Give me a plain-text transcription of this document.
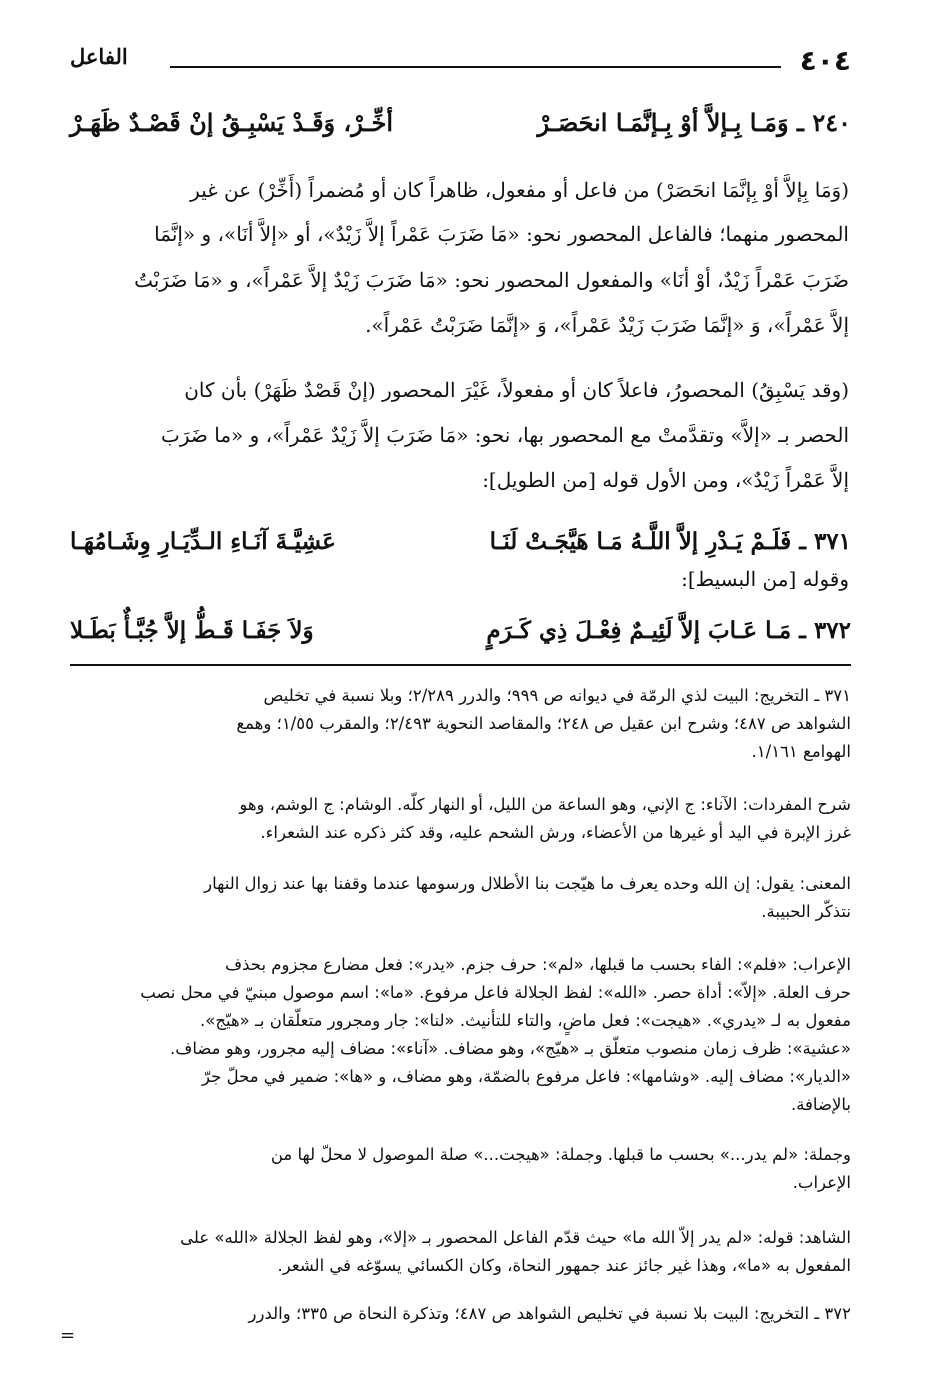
٤٠٤
الفاعل
٢٤٠ ـ وَمَـا بِـإلاَّ أوْ بِـإنَّمَـا انحَصَـرْ
أخِّـرْ، وَقَـدْ يَسْبِـقُ إنْ قَصْـدٌ ظَهَـرْ
(وَمَا بِإلاَّ أوْ بِإنَّمَا انحَصَرْ) من فاعل أو مفعول، ظاهراً كان أو مُضمراً (أَخِّرْ) عن غير
المحصور منهما؛ فالفاعل المحصور نحو: «مَا ضَرَبَ عَمْراً إلاَّ زَيْدٌ»، أو «إلاَّ أنَا»، و «إنَّمَا
ضَرَبَ عَمْراً زَيْدٌ، أوْ أنَا» والمفعول المحصور نحو: «مَا ضَرَبَ زَيْدٌ إلاَّ عَمْراً»، و «مَا ضَرَبْتُ
إلاَّ عَمْراً»، وَ «إنَّمَا ضَرَبَ زَيْدٌ عَمْراً»، وَ «إنَّمَا ضَرَبْتُ عَمْراً».
(وقد يَسْبِقُ) المحصورُ، فاعلاً كان أو مفعولاً، غَيْرَ المحصور (إنْ قَصْدٌ ظَهَرْ) بأن كان
الحصر بـ «إلاَّ» وتقدَّمتْ مع المحصور بها، نحو: «مَا ضَرَبَ إلاَّ زَيْدٌ عَمْراً»، و «ما ضَرَبَ
إلاَّ عَمْراً زَيْدٌ»، ومن الأول قوله [من الطويل]:
٣٧١ ـ فَلَـمْ يَـدْرِ إلاَّ اللَّـهُ مَـا هَيَّجَـتْ لَنَـا
عَشِيَّـةَ آنَـاءِ الـدِّيَـارِ وِشَـامُهَـا
وقوله [من البسيط]:
٣٧٢ ـ مَـا عَـابَ إلاَّ لَئِيـمٌ فِعْـلَ ذِي كَـرَمٍ
وَلاَ جَفَـا قَـطُّ إلاَّ جُبَّـأٌ بَطَـلا
٣٧١ ـ التخريج: البيت لذي الرمّة في ديوانه ص ٩٩٩؛ والدرر ٢/٢٨٩؛ وبلا نسبة في تخليص
الشواهد ص ٤٨٧؛ وشرح ابن عقيل ص ٢٤٨؛ والمقاصد النحوية ٢/٤٩٣؛ والمقرب ١/٥٥؛ وهمع
الهوامع ١/١٦١.
شرح المفردات: الآناء: ج الإني، وهو الساعة من الليل، أو النهار كلّه. الوشام: ج الوشم، وهو
غرز الإبرة في اليد أو غيرها من الأعضاء، ورش الشحم عليه، وقد كثر ذكره عند الشعراء.
المعنى: يقول: إن الله وحده يعرف ما هيّجت بنا الأطلال ورسومها عندما وقفنا بها عند زوال النهار
نتذكّر الحبيبة.
الإعراب: «فلم»: الفاء بحسب ما قبلها، «لم»: حرف جزم. «يدر»: فعل مضارع مجزوم بحذف
حرف العلة. «إلاّ»: أداة حصر. «الله»: لفظ الجلالة فاعل مرفوع. «ما»: اسم موصول مبنيّ في محل نصب
مفعول به لـ «يدري». «هيجت»: فعل ماضٍ، والتاء للتأنيث. «لنا»: جار ومجرور متعلّقان بـ «هيّج».
«عشية»: ظرف زمان منصوب متعلّق بـ «هيّج»، وهو مضاف. «آناء»: مضاف إليه مجرور، وهو مضاف.
«الديار»: مضاف إليه. «وشامها»: فاعل مرفوع بالضمّة، وهو مضاف، و «ها»: ضمير في محلّ جرّ
بالإضافة.
وجملة: «لم يدر...» بحسب ما قبلها. وجملة: «هيجت...» صلة الموصول لا محلّ لها من
الإعراب.
الشاهد: قوله: «لم يدر إلاّ الله ما» حيث قدّم الفاعل المحصور بـ «إلا»، وهو لفظ الجلالة «الله» على
المفعول به «ما»، وهذا غير جائز عند جمهور النحاة، وكان الكسائي يسوّغه في الشعر.
٣٧٢ ـ التخريج: البيت بلا نسبة في تخليص الشواهد ص ٤٨٧؛ وتذكرة النحاة ص ٣٣٥؛ والدرر
=
